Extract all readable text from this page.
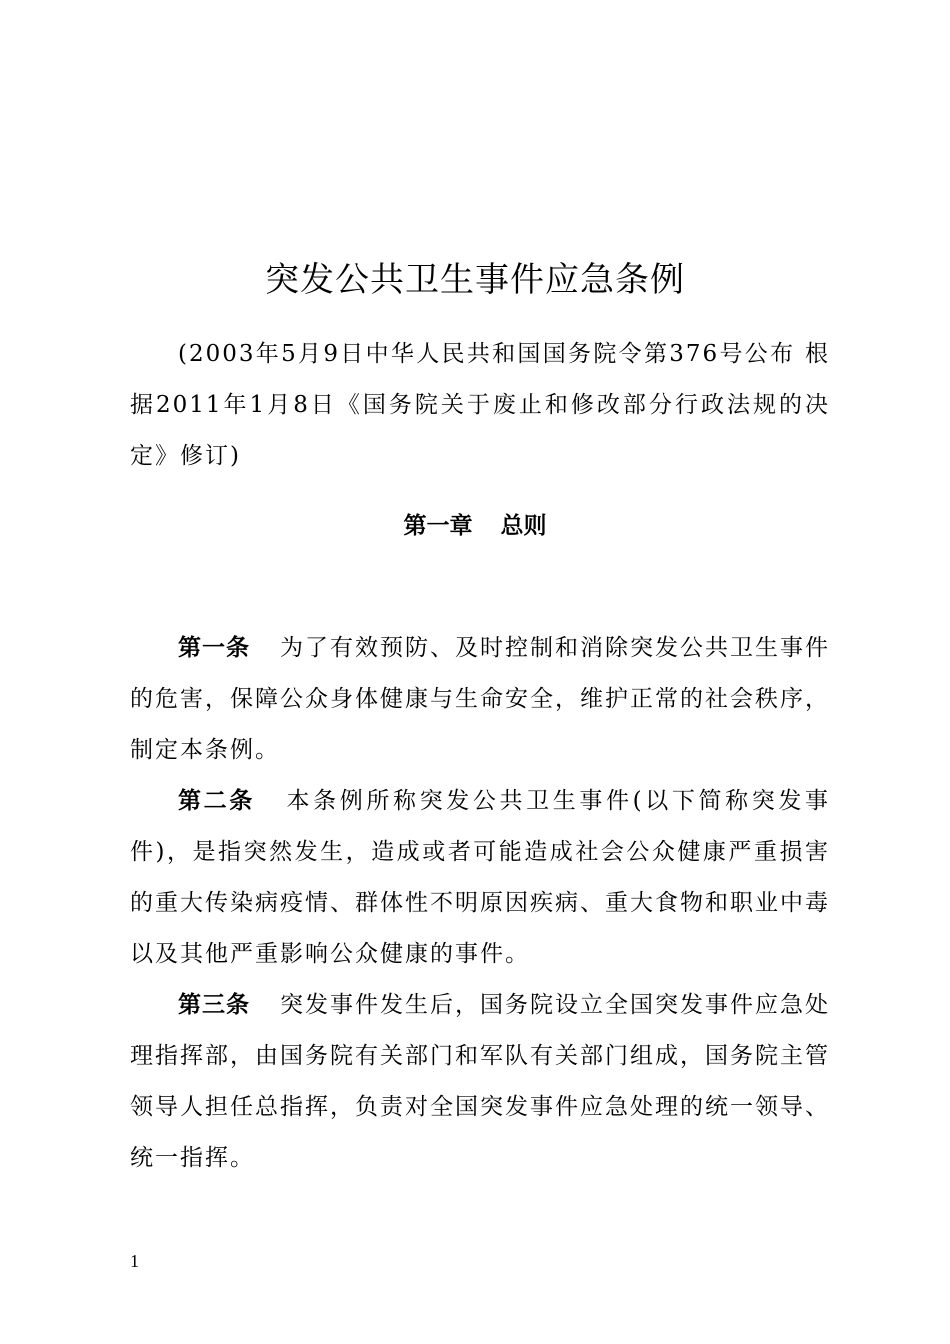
突发公共卫生事件应急条例

(2003年5月9日中华人民共和国国务院令第376号公布 根据2011年1月8日《国务院关于废止和修改部分行政法规的决定》修订)

第一章 总则

第一条 为了有效预防、及时控制和消除突发公共卫生事件的危害，保障公众身体健康与生命安全，维护正常的社会秩序，制定本条例。

第二条 本条例所称突发公共卫生事件(以下简称突发事件)，是指突然发生，造成或者可能造成社会公众健康严重损害的重大传染病疫情、群体性不明原因疾病、重大食物和职业中毒以及其他严重影响公众健康的事件。

第三条 突发事件发生后，国务院设立全国突发事件应急处理指挥部，由国务院有关部门和军队有关部门组成，国务院主管领导人担任总指挥，负责对全国突发事件应急处理的统一领导、统一指挥。

1
